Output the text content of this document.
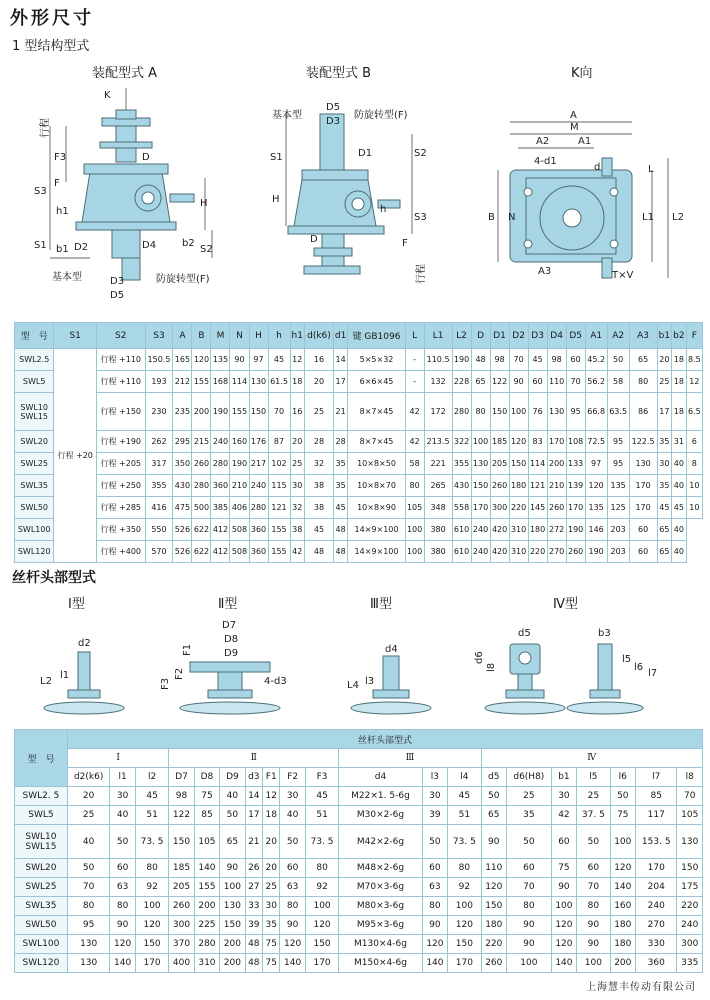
外形尺寸
1 型结构型式
装配型式 A	装配型式 B	K向
K
行程
F3	D
F
S3
h1
H
S1 b1 D2	D4	b2
S2
基本型	D3
D5
防旋转型(F)
D5
D3
基本型	防旋转型(F)
S1	D1	S2
H
h
S3
D	F
行程
A
M
A2	A1
4-d1
d	L
B N	L1 L2
A3	T×V
型　号	S1	S2	S3	A	B	M	N	H	h	h1	d(k6)	d1	键 GB1096	L	L1	L2	D	D1	D2	D3	D4	D5	A1	A2	A3	b1	b2	F
SWL2.5	行程 +20	行程 +110	150.5	165	120	135	90	97	45	12	16	14	5×5×32	-	110.5	190	48	98	70	45	98	60	45.2	50	65	20	18	8.5
SWL5		行程 +110	193	212	155	168	114	130	61.5	18	20	17	6×6×45	-	132	228	65	122	90	60	110	70	56.2	58	80	25	18	12
SWL10
SWL15		行程 +150	230	235	200	190	155	150	70	16	25	21	8×7×45	42	172	280	80	150	100	76	130	95	66.8	63.5	86	17	18	6.5
SWL20		行程 +190	262	295	215	240	160	176	87	20	28	28	8×7×45	42	213.5	322	100	185	120	83	170	108	72.5	95	122.5	35	31	6
SWL25		行程 +205	317	350	260	280	190	217	102	25	32	35	10×8×50	58	221	355	130	205	150	114	200	133	97	95	130	30	40	8
SWL35		行程 +250	355	430	280	360	210	240	115	30	38	35	10×8×70	80	265	430	150	260	180	121	210	139	120	135	170	35	40	10
SWL50		行程 +285	416	475	500	385	406	280	121	32	38	45	10×8×90	105	348	558	170	300	220	145	260	170	135	125	170	45	45	10
SWL100		行程 +350	550	526	622	412	508	360	155	38	45	48	14×9×100	100	380	610	240	420	310	180	272	190	146	203	60	65	40	
SWL120		行程 +400	570	526	622	412	508	360	155	42	48	48	14×9×100	100	380	610	240	420	310	220	270	260	190	203	60	65	40	
丝杆头部型式
Ⅰ型	Ⅱ型	Ⅲ型	Ⅳ型
d2
L2
l1
D7
D8
D9
F1
F2
F3	4-d3
d4
L4 l3
d5
d6
l8
b3
l5
l6
l7
型　号	丝杆头部型式																			
	Ⅰ			Ⅱ							Ⅲ			Ⅳ						
	d2(k6)	l1	l2	D7	D8	D9	d3	F1	F2	F3	d4	l3	l4	d5	d6(H8)	b1	l5	l6	l7	l8
SWL2. 5	20	30	45	98	75	40	14	12	30	45	M22×1. 5-6g	30	45	50	25	30	25	50	85	70
SWL5	25	40	51	122	85	50	17	18	40	51	M30×2-6g	39	51	65	35	42	37. 5	75	117	105
SWL10
SWL15	40	50	73. 5	150	105	65	21	20	50	73. 5	M42×2-6g	50	73. 5	90	50	60	50	100	153. 5	130
SWL20	50	60	80	185	140	90	26	20	60	80	M48×2-6g	60	80	110	60	75	60	120	170	150
SWL25	70	63	92	205	155	100	27	25	63	92	M70×3-6g	63	92	120	70	90	70	140	204	175
SWL35	80	80	100	260	200	130	33	30	80	100	M80×3-6g	80	100	150	80	100	80	160	240	220
SWL50	95	90	120	300	225	150	39	35	90	120	M95×3-6g	90	120	180	90	120	90	180	270	240
SWL100	130	120	150	370	280	200	48	75	120	150	M130×4-6g	120	150	220	90	120	90	180	330	300
SWL120	130	140	170	400	310	200	48	75	140	170	M150×4-6g	140	170	260	100	140	100	200	360	335
上海慧丰传动有限公司
